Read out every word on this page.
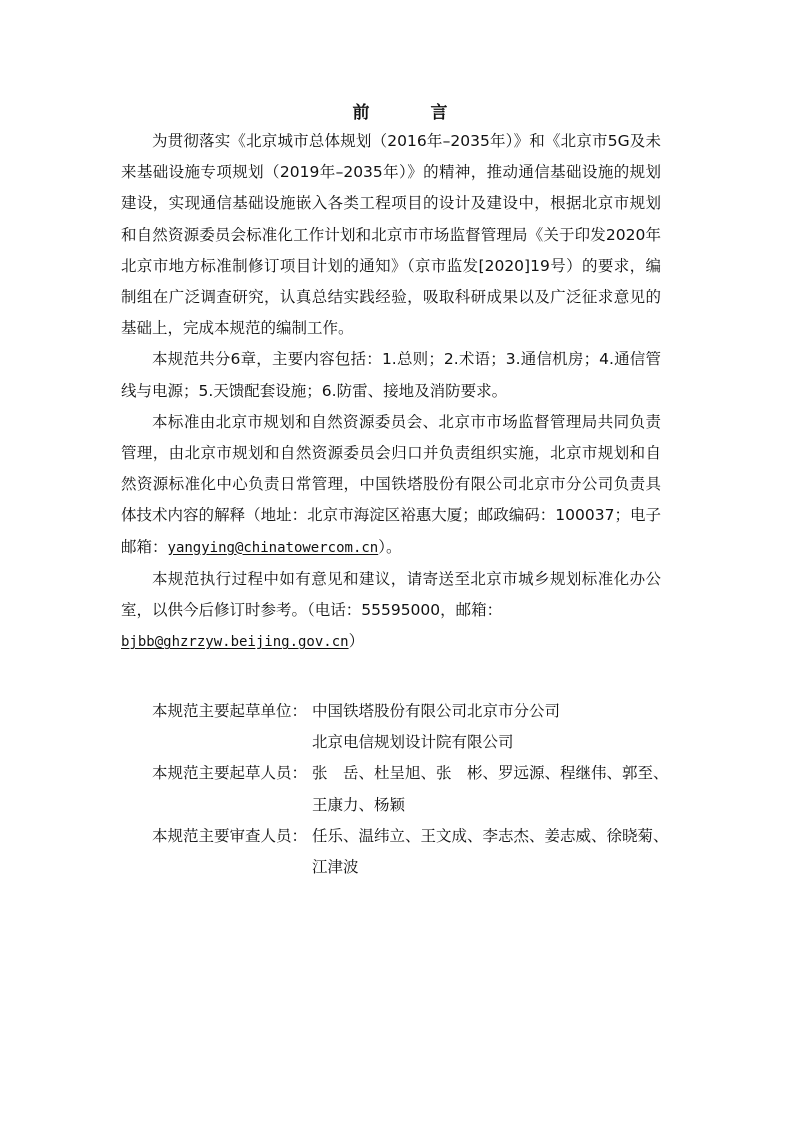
前　言

为贯彻落实《北京城市总体规划（2016年–2035年）》和《北京市5G及未来基础设施专项规划（2019年–2035年）》的精神，推动通信基础设施的规划建设，实现通信基础设施嵌入各类工程项目的设计及建设中，根据北京市规划和自然资源委员会标准化工作计划和北京市市场监督管理局《关于印发2020年北京市地方标准制修订项目计划的通知》（京市监发[2020]19号）的要求，编制组在广泛调查研究，认真总结实践经验，吸取科研成果以及广泛征求意见的基础上，完成本规范的编制工作。

本规范共分6章，主要内容包括：1.总则；2.术语；3.通信机房；4.通信管线与电源；5.天馈配套设施；6.防雷、接地及消防要求。

本标准由北京市规划和自然资源委员会、北京市市场监督管理局共同负责管理，由北京市规划和自然资源委员会归口并负责组织实施，北京市规划和自然资源标准化中心负责日常管理，中国铁塔股份有限公司北京市分公司负责具体技术内容的解释（地址：北京市海淀区裕惠大厦；邮政编码：100037；电子邮箱：yangying@chinatowercom.cn）。

本规范执行过程中如有意见和建议，请寄送至北京市城乡规划标准化办公室，以供今后修订时参考。（电话：55595000，邮箱：

bjbb@ghzrzyw.beijing.gov.cn）

本规范主要起草单位： 中国铁塔股份有限公司北京市分公司
北京电信规划设计院有限公司
本规范主要起草人员： 张　岳、杜呈旭、张　彬、罗远源、程继伟、郭至、王康力、杨颖
本规范主要审查人员： 任乐、温纬立、王文成、李志杰、姜志威、徐晓菊、江津波
